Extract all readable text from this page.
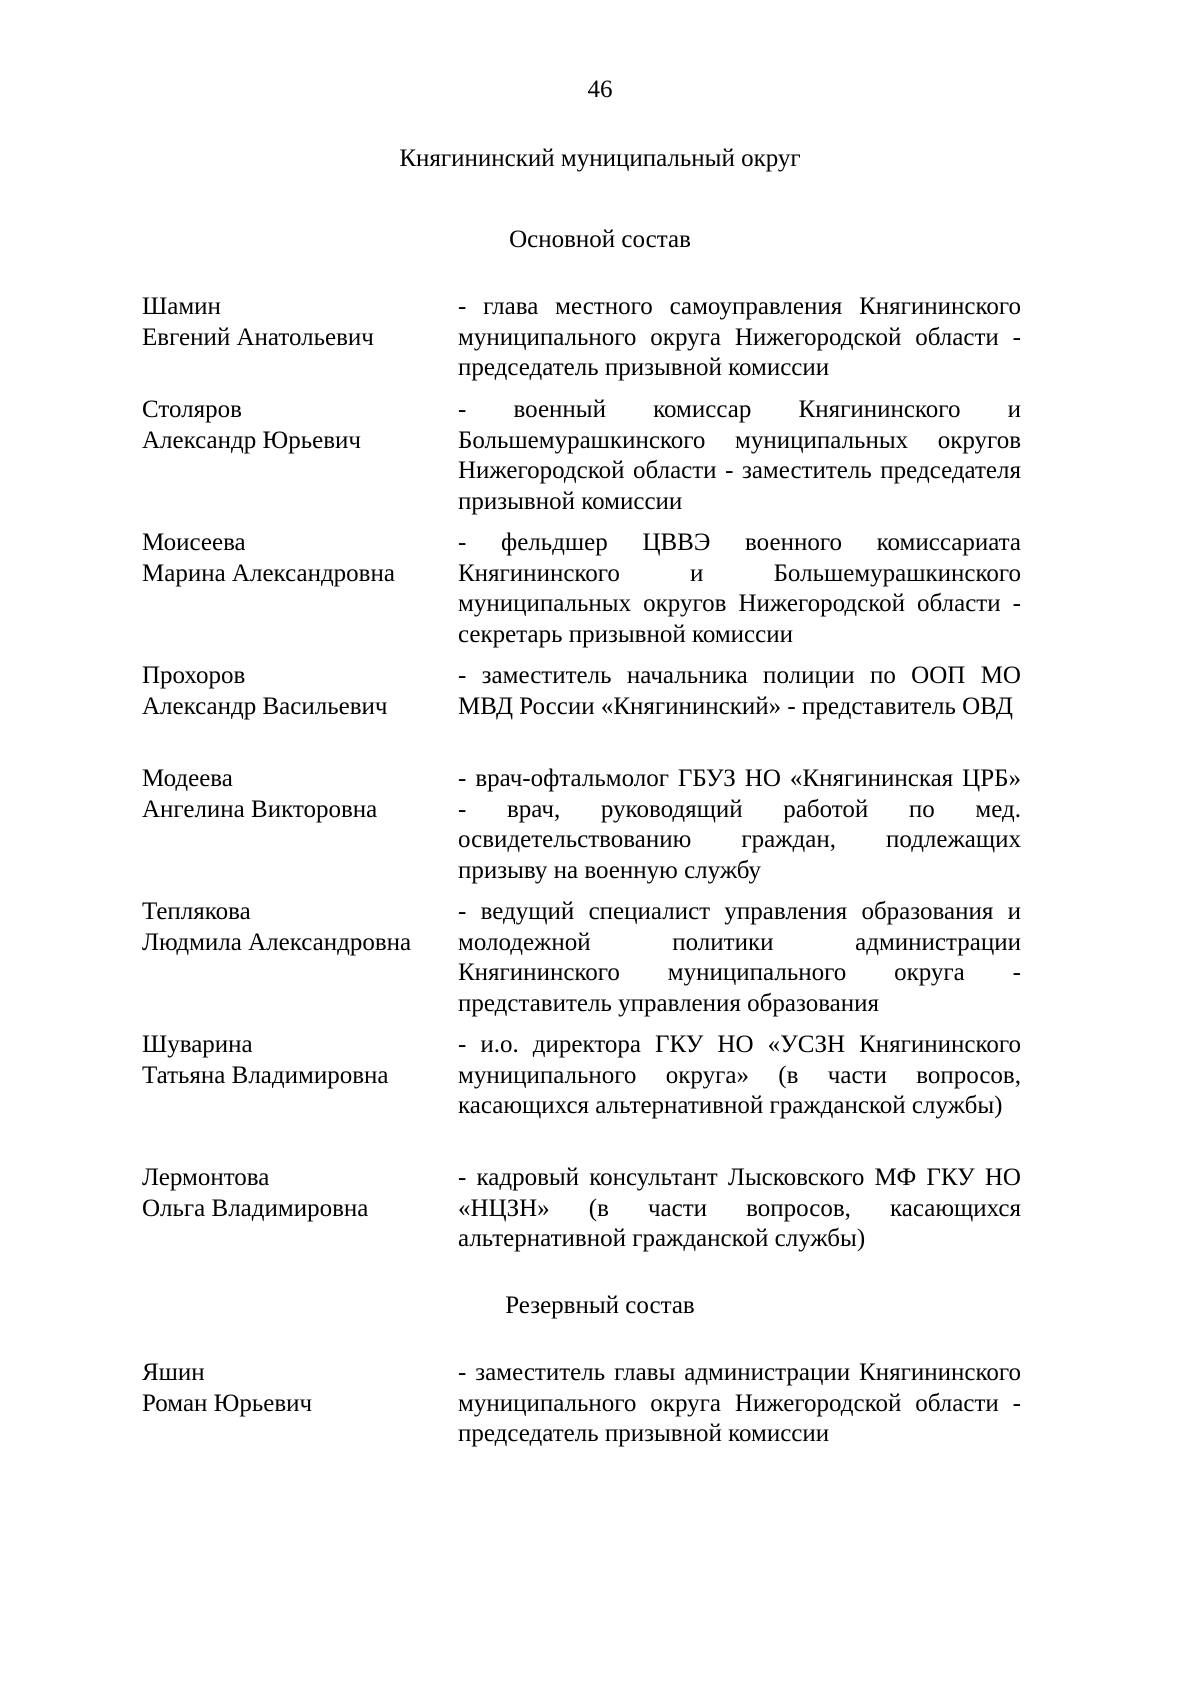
46
Княгининский муниципальный округ
Основной состав
Шамин
Евгений Анатольевич
- глава местного самоуправления Княгининского муниципального округа Нижегородской области - председатель призывной комиссии
Столяров
Александр Юрьевич
- военный комиссар Княгининского и Большемурашкинского муниципальных округов Нижегородской области - заместитель председателя призывной комиссии
Моисеева
Марина Александровна
- фельдшер ЦВВЭ военного комиссариата Княгининского и Большемурашкинского муниципальных округов Нижегородской области - секретарь призывной комиссии
Прохоров
Александр Васильевич
- заместитель начальника полиции по ООП МО МВД России «Княгининский» - представитель ОВД
Модеева
Ангелина Викторовна
- врач-офтальмолог ГБУЗ НО «Княгининская ЦРБ» - врач, руководящий работой по мед. освидетельствованию граждан, подлежащих призыву на военную службу
Теплякова
Людмила Александровна
- ведущий специалист управления образования и молодежной политики администрации Княгининского муниципального округа - представитель управления образования
Шуварина
Татьяна Владимировна
- и.о. директора ГКУ НО «УСЗН Княгининского муниципального округа» (в части вопросов, касающихся альтернативной гражданской службы)
Лермонтова
Ольга Владимировна
- кадровый консультант Лысковского МФ ГКУ НО «НЦЗН» (в части вопросов, касающихся альтернативной гражданской службы)
Резервный состав
Яшин
Роман Юрьевич
- заместитель главы администрации Княгининского муниципального округа Нижегородской области - председатель призывной комиссии
